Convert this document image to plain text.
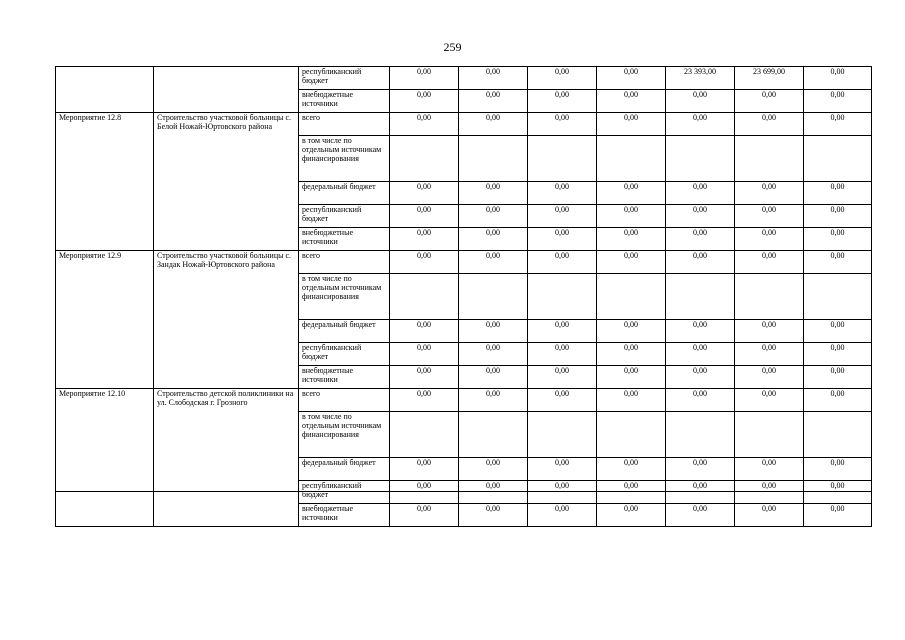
259
		республиканский бюджет	0,00	0,00	0,00	0,00	23 393,00	23 699,00	0,00
		внебюджетные источники	0,00	0,00	0,00	0,00	0,00	0,00	0,00
Мероприятие 12.8	Строительство участковой больницы с. Белой Ножай-Юртовского района	всего	0,00	0,00	0,00	0,00	0,00	0,00	0,00
		в том числе по отдельным источникам финансирования							
		федеральный бюджет	0,00	0,00	0,00	0,00	0,00	0,00	0,00
		республиканский бюджет	0,00	0,00	0,00	0,00	0,00	0,00	0,00
		внебюджетные источники	0,00	0,00	0,00	0,00	0,00	0,00	0,00
Мероприятие 12.9	Строительство участковой больницы с. Зандак Ножай-Юртовского района	всего	0,00	0,00	0,00	0,00	0,00	0,00	0,00
		в том числе по отдельным источникам финансирования							
		федеральный бюджет	0,00	0,00	0,00	0,00	0,00	0,00	0,00
		республиканский бюджет	0,00	0,00	0,00	0,00	0,00	0,00	0,00
		внебюджетные источники	0,00	0,00	0,00	0,00	0,00	0,00	0,00
Мероприятие 12.10	Строительство детской поликлиники на ул. Слободская г. Грозного	всего	0,00	0,00	0,00	0,00	0,00	0,00	0,00
		в том числе по отдельным источникам финансирования							
		федеральный бюджет	0,00	0,00	0,00	0,00	0,00	0,00	0,00
		республиканский бюджет	0,00	0,00	0,00	0,00	0,00	0,00	0,00
		внебюджетные источники	0,00	0,00	0,00	0,00	0,00	0,00	0,00
